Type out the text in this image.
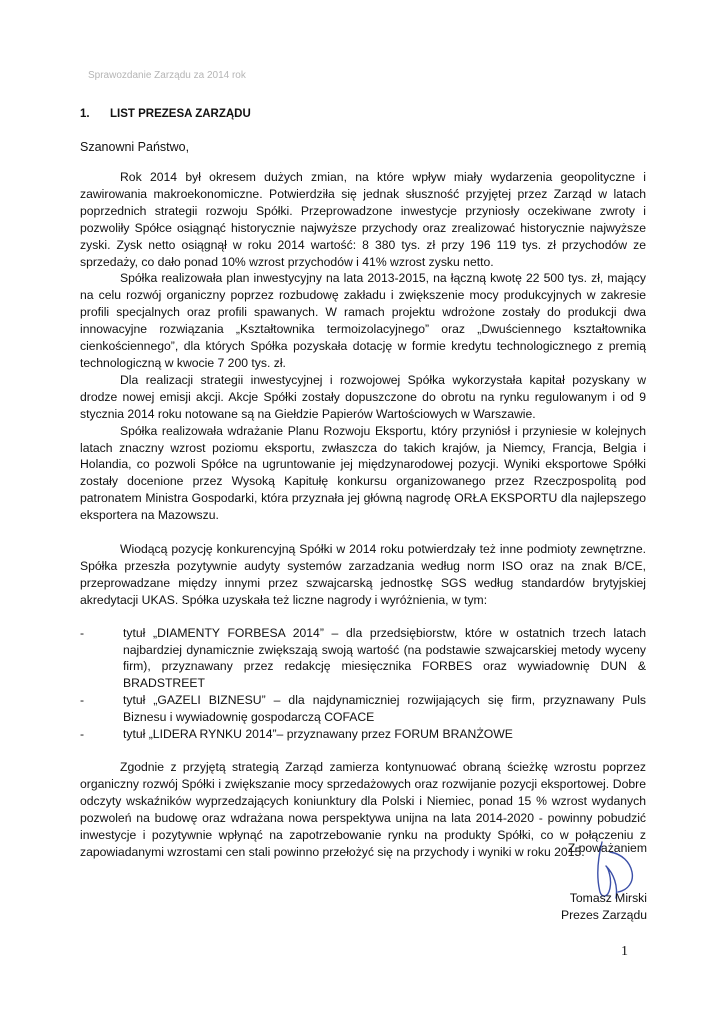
Sprawozdanie Zarządu za 2014 rok
1. LIST PREZESA ZARZĄDU
Szanowni Państwo,

Rok 2014 był okresem dużych zmian, na które wpływ miały wydarzenia geopolityczne i zawirowania makroekonomiczne. Potwierdziła się jednak słuszność przyjętej przez Zarząd w latach poprzednich strategii rozwoju Spółki. Przeprowadzone inwestycje przyniosły oczekiwane zwroty i pozwoliły Spółce osiągnąć historycznie najwyższe przychody oraz zrealizować historycznie najwyższe zyski. Zysk netto osiągnął w roku 2014 wartość: 8 380 tys. zł przy 196 119 tys. zł przychodów ze sprzedaży, co dało ponad 10% wzrost przychodów i 41% wzrost zysku netto.

Spółka realizowała plan inwestycyjny na lata 2013-2015, na łączną kwotę 22 500 tys. zł, mający na celu rozwój organiczny poprzez rozbudowę zakładu i zwiększenie mocy produkcyjnych w zakresie profili specjalnych oraz profili spawanych. W ramach projektu wdrożone zostały do produkcji dwa innowacyjne rozwiązania „Kształtownika termoizolacyjnego” oraz „Dwuściennego kształtownika cienkościennego”, dla których Spółka pozyskała dotację w formie kredytu technologicznego z premią technologiczną w kwocie 7 200 tys. zł.

Dla realizacji strategii inwestycyjnej i rozwojowej Spółka wykorzystała kapitał pozyskany w drodze nowej emisji akcji. Akcje Spółki zostały dopuszczone do obrotu na rynku regulowanym i od 9 stycznia 2014 roku notowane są na Giełdzie Papierów Wartościowych w Warszawie.

Spółka realizowała wdrażanie Planu Rozwoju Eksportu, który przyniósł i przyniesie w kolejnych latach znaczny wzrost poziomu eksportu, zwłaszcza do takich krajów, ja Niemcy, Francja, Belgia i Holandia, co pozwoli Spółce na ugruntowanie jej międzynarodowej pozycji. Wyniki eksportowe Spółki zostały docenione przez Wysoką Kapitułę konkursu organizowanego przez Rzeczpospolitą pod patronatem Ministra Gospodarki, która przyznała jej główną nagrodę ORŁA EKSPORTU dla najlepszego eksportera na Mazowszu.

Wiodącą pozycję konkurencyjną Spółki w 2014 roku potwierdzały też inne podmioty zewnętrzne. Spółka przeszła pozytywnie audyty systemów zarzadzania według norm ISO oraz na znak B/CE, przeprowadzane między innymi przez szwajcarską jednostkę SGS według standardów brytyjskiej akredytacji UKAS. Spółka uzyskała też liczne nagrody i wyróżnienia, w tym:

-	tytuł „DIAMENTY FORBESA 2014” – dla przedsiębiorstw, które w ostatnich trzech latach najbardziej dynamicznie zwiększają swoją wartość (na podstawie szwajcarskiej metody wyceny firm), przyznawany przez redakcję miesięcznika FORBES oraz wywiadownię DUN & BRADSTREET
-	tytuł „GAZELI BIZNESU” – dla najdynamiczniej rozwijających się firm, przyznawany Puls Biznesu i wywiadownię gospodarczą COFACE
-	tytuł „LIDERA RYNKU 2014”– przyznawany przez FORUM BRANŻOWE

Zgodnie z przyjętą strategią Zarząd zamierza kontynuować obraną ścieżkę wzrostu poprzez organiczny rozwój Spółki i zwiększanie mocy sprzedażowych oraz rozwijanie pozycji eksportowej. Dobre odczyty wskaźników wyprzedzających koniunktury dla Polski i Niemiec, ponad 15 % wzrost wydanych pozwoleń na budowę oraz wdrażana nowa perspektywa unijna na lata 2014-2020 - powinny pobudzić inwestycje i pozytywnie wpłynąć na zapotrzebowanie rynku na produkty Spółki, co w połączeniu z zapowiadanymi wzrostami cen stali powinno przełożyć się na przychody i wyniki w roku 2015.

Z poważaniem
Tomasz Mirski
Prezes Zarządu
1
